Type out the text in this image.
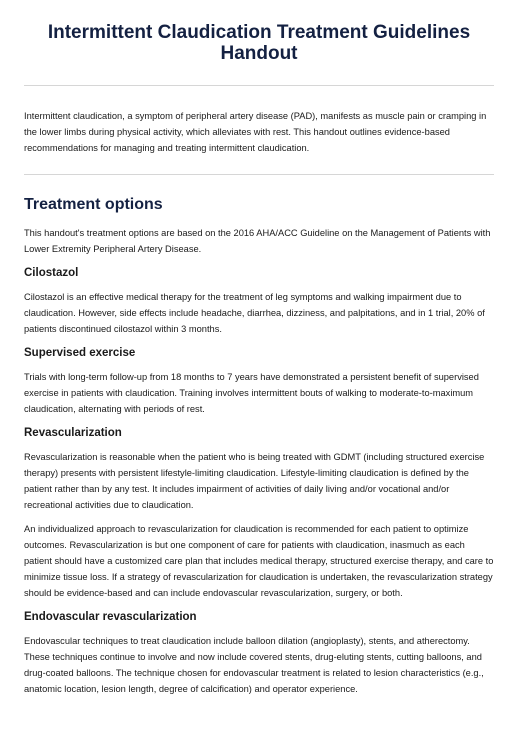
Intermittent Claudication Treatment Guidelines Handout

Intermittent claudication, a symptom of peripheral artery disease (PAD), manifests as muscle pain or cramping in the lower limbs during physical activity, which alleviates with rest. This handout outlines evidence-based recommendations for managing and treating intermittent claudication.

Treatment options

This handout's treatment options are based on the 2016 AHA/ACC Guideline on the Management of Patients with Lower Extremity Peripheral Artery Disease.

Cilostazol

Cilostazol is an effective medical therapy for the treatment of leg symptoms and walking impairment due to claudication. However, side effects include headache, diarrhea, dizziness, and palpitations, and in 1 trial, 20% of patients discontinued cilostazol within 3 months.

Supervised exercise

Trials with long-term follow-up from 18 months to 7 years have demonstrated a persistent benefit of supervised exercise in patients with claudication. Training involves intermittent bouts of walking to moderate-to-maximum claudication, alternating with periods of rest.

Revascularization

Revascularization is reasonable when the patient who is being treated with GDMT (including structured exercise therapy) presents with persistent lifestyle-limiting claudication. Lifestyle-limiting claudication is defined by the patient rather than by any test. It includes impairment of activities of daily living and/or vocational and/or recreational activities due to claudication.

An individualized approach to revascularization for claudication is recommended for each patient to optimize outcomes. Revascularization is but one component of care for patients with claudication, inasmuch as each patient should have a customized care plan that includes medical therapy, structured exercise therapy, and care to minimize tissue loss. If a strategy of revascularization for claudication is undertaken, the revascularization strategy should be evidence-based and can include endovascular revascularization, surgery, or both.

Endovascular revascularization

Endovascular techniques to treat claudication include balloon dilation (angioplasty), stents, and atherectomy. These techniques continue to involve and now include covered stents, drug-eluting stents, cutting balloons, and drug-coated balloons. The technique chosen for endovascular treatment is related to lesion characteristics (e.g., anatomic location, lesion length, degree of calcification) and operator experience.
